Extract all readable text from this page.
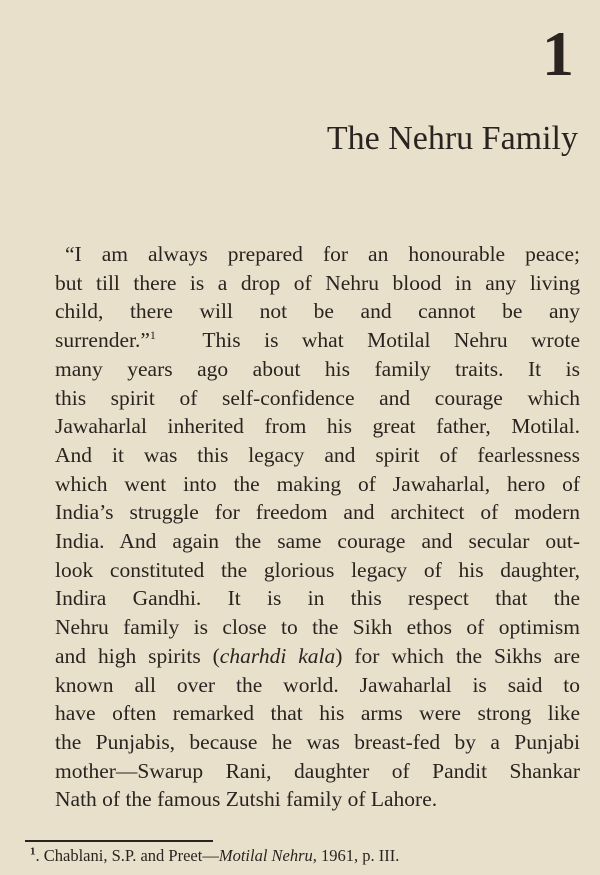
1
The Nehru Family
“I am always prepared for an honourable peace;
but till there is a drop of Nehru blood in any living
child, there will not be and cannot be any
surrender.”$^1$ This is what Motilal Nehru wrote
many years ago about his family traits. It is
this spirit of self-confidence and courage which
Jawaharlal inherited from his great father, Motilal.
And it was this legacy and spirit of fearlessness
which went into the making of Jawaharlal, hero of
India’s struggle for freedom and architect of modern
India. And again the same courage and secular out-
look constituted the glorious legacy of his daughter,
Indira Gandhi. It is in this respect that the
Nehru family is close to the Sikh ethos of optimism
and high spirits (charhdi kala) for which the Sikhs are
known all over the world. Jawaharlal is said to
have often remarked that his arms were strong like
the Punjabis, because he was breast-fed by a Punjabi
mother—Swarup Rani, daughter of Pandit Shankar
Nath of the famous Zutshi family of Lahore.
$^1$. Chablani, S.P. and Preet—Motilal Nehru, 1961, p. III.
